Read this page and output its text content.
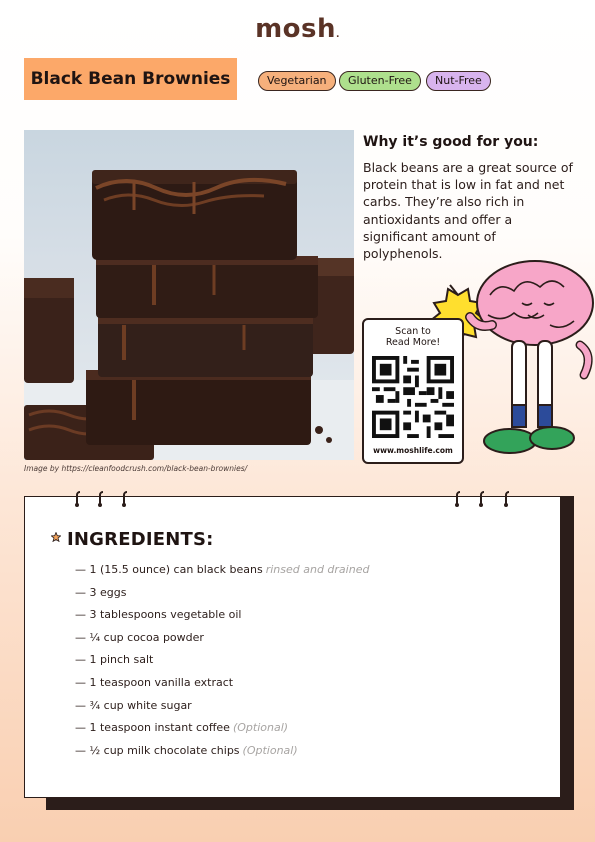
mosh.
Black Bean Brownies	Vegetarian	Gluten-Free	Nut-Free
Image by https://cleanfoodcrush.com/black-bean-brownies/
Why it’s good for you:
Black beans are a great source of protein that is low in fat and net carbs. They’re also rich in antioxidants and offer a significant amount of polyphenols.
Scan to
Read More!
www.moshlife.com
INGREDIENTS:
— 1 (15.5 ounce) can black beans rinsed and drained
— 3 eggs
— 3 tablespoons vegetable oil
— ¼ cup cocoa powder
— 1 pinch salt
— 1 teaspoon vanilla extract
— ¾ cup white sugar
— 1 teaspoon instant coffee (Optional)
— ½ cup milk chocolate chips (Optional)
